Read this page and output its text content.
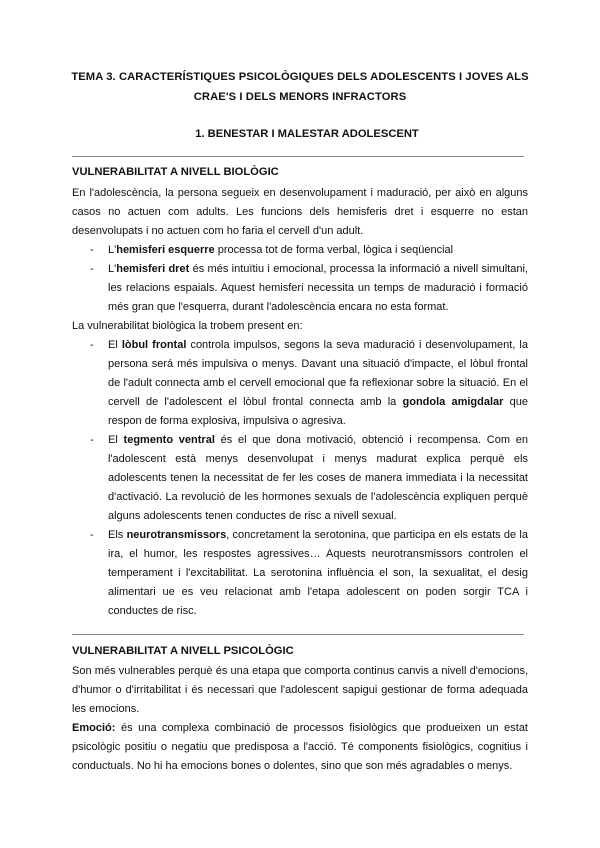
TEMA 3. CARACTERÍSTIQUES PSICOLÒGIQUES DELS ADOLESCENTS I JOVES ALS CRAE'S I DELS MENORS INFRACTORS
1. BENESTAR I MALESTAR ADOLESCENT
VULNERABILITAT A NIVELL BIOLÒGIC

En l'adolescència, la persona segueix en desenvolupament i maduració, per això en alguns casos no actuen com adults. Les funcions dels hemisferis dret i esquerre no estan desenvolupats i no actuen com ho faria el cervell d'un adult.

- L'hemisferi esquerre processa tot de forma verbal, lògica i seqüencial
- L'hemisferi dret és més intuïtiu i emocional, processa la informació a nivell simultani, les relacions espaials. Aquest hemisferi necessita un temps de maduració i formació més gran que l'esquerra, durant l'adolescència encara no esta format.

La vulnerabilitat biològica la trobem present en:

- El lòbul frontal controla impulsos, segons la seva maduració i desenvolupament, la persona será més impulsiva o menys. Davant una situació d'impacte, el lòbul frontal de l'adult connecta amb el cervell emocional que fa reflexionar sobre la situació. En el cervell de l'adolescent el lòbul frontal connecta amb la gondola amigdalar que respon de forma explosiva, impulsiva o agresiva.
- El tegmento ventral és el que dona motivació, obtenció i recompensa. Com en l'adolescent està menys desenvolupat i menys madurat explica perquè els adolescents tenen la necessitat de fer les coses de manera immediata i la necessitat d'activació. La revolució de les hormones sexuals de l'adolescència expliquen perquè alguns adolescents tenen conductes de risc a nivell sexual.
- Els neurotransmissors, concretament la serotonina, que participa en els estats de la ira, el humor, les respostes agressives… Aquests neurotransmissors controlen el temperament i l'excitabilitat. La serotonina influència el son, la sexualitat, el desig alimentari ue es veu relacionat amb l'etapa adolescent on poden sorgir TCA i conductes de risc.
VULNERABILITAT A NIVELL PSICOLÒGIC

Son més vulnerables perquè és una etapa que comporta continus canvis a nivell d'emocions, d'humor o d'irritabilitat i és necessari que l'adolescent sapigui gestionar de forma adequada les emocions.

Emoció: és una complexa combinació de processos fisiològics que produeixen un estat psicològic positiu o negatiu que predisposa a l'acció. Té components fisiològics, cognitius i conductuals. No hi ha emocions bones o dolentes, sino que son més agradables o menys.
